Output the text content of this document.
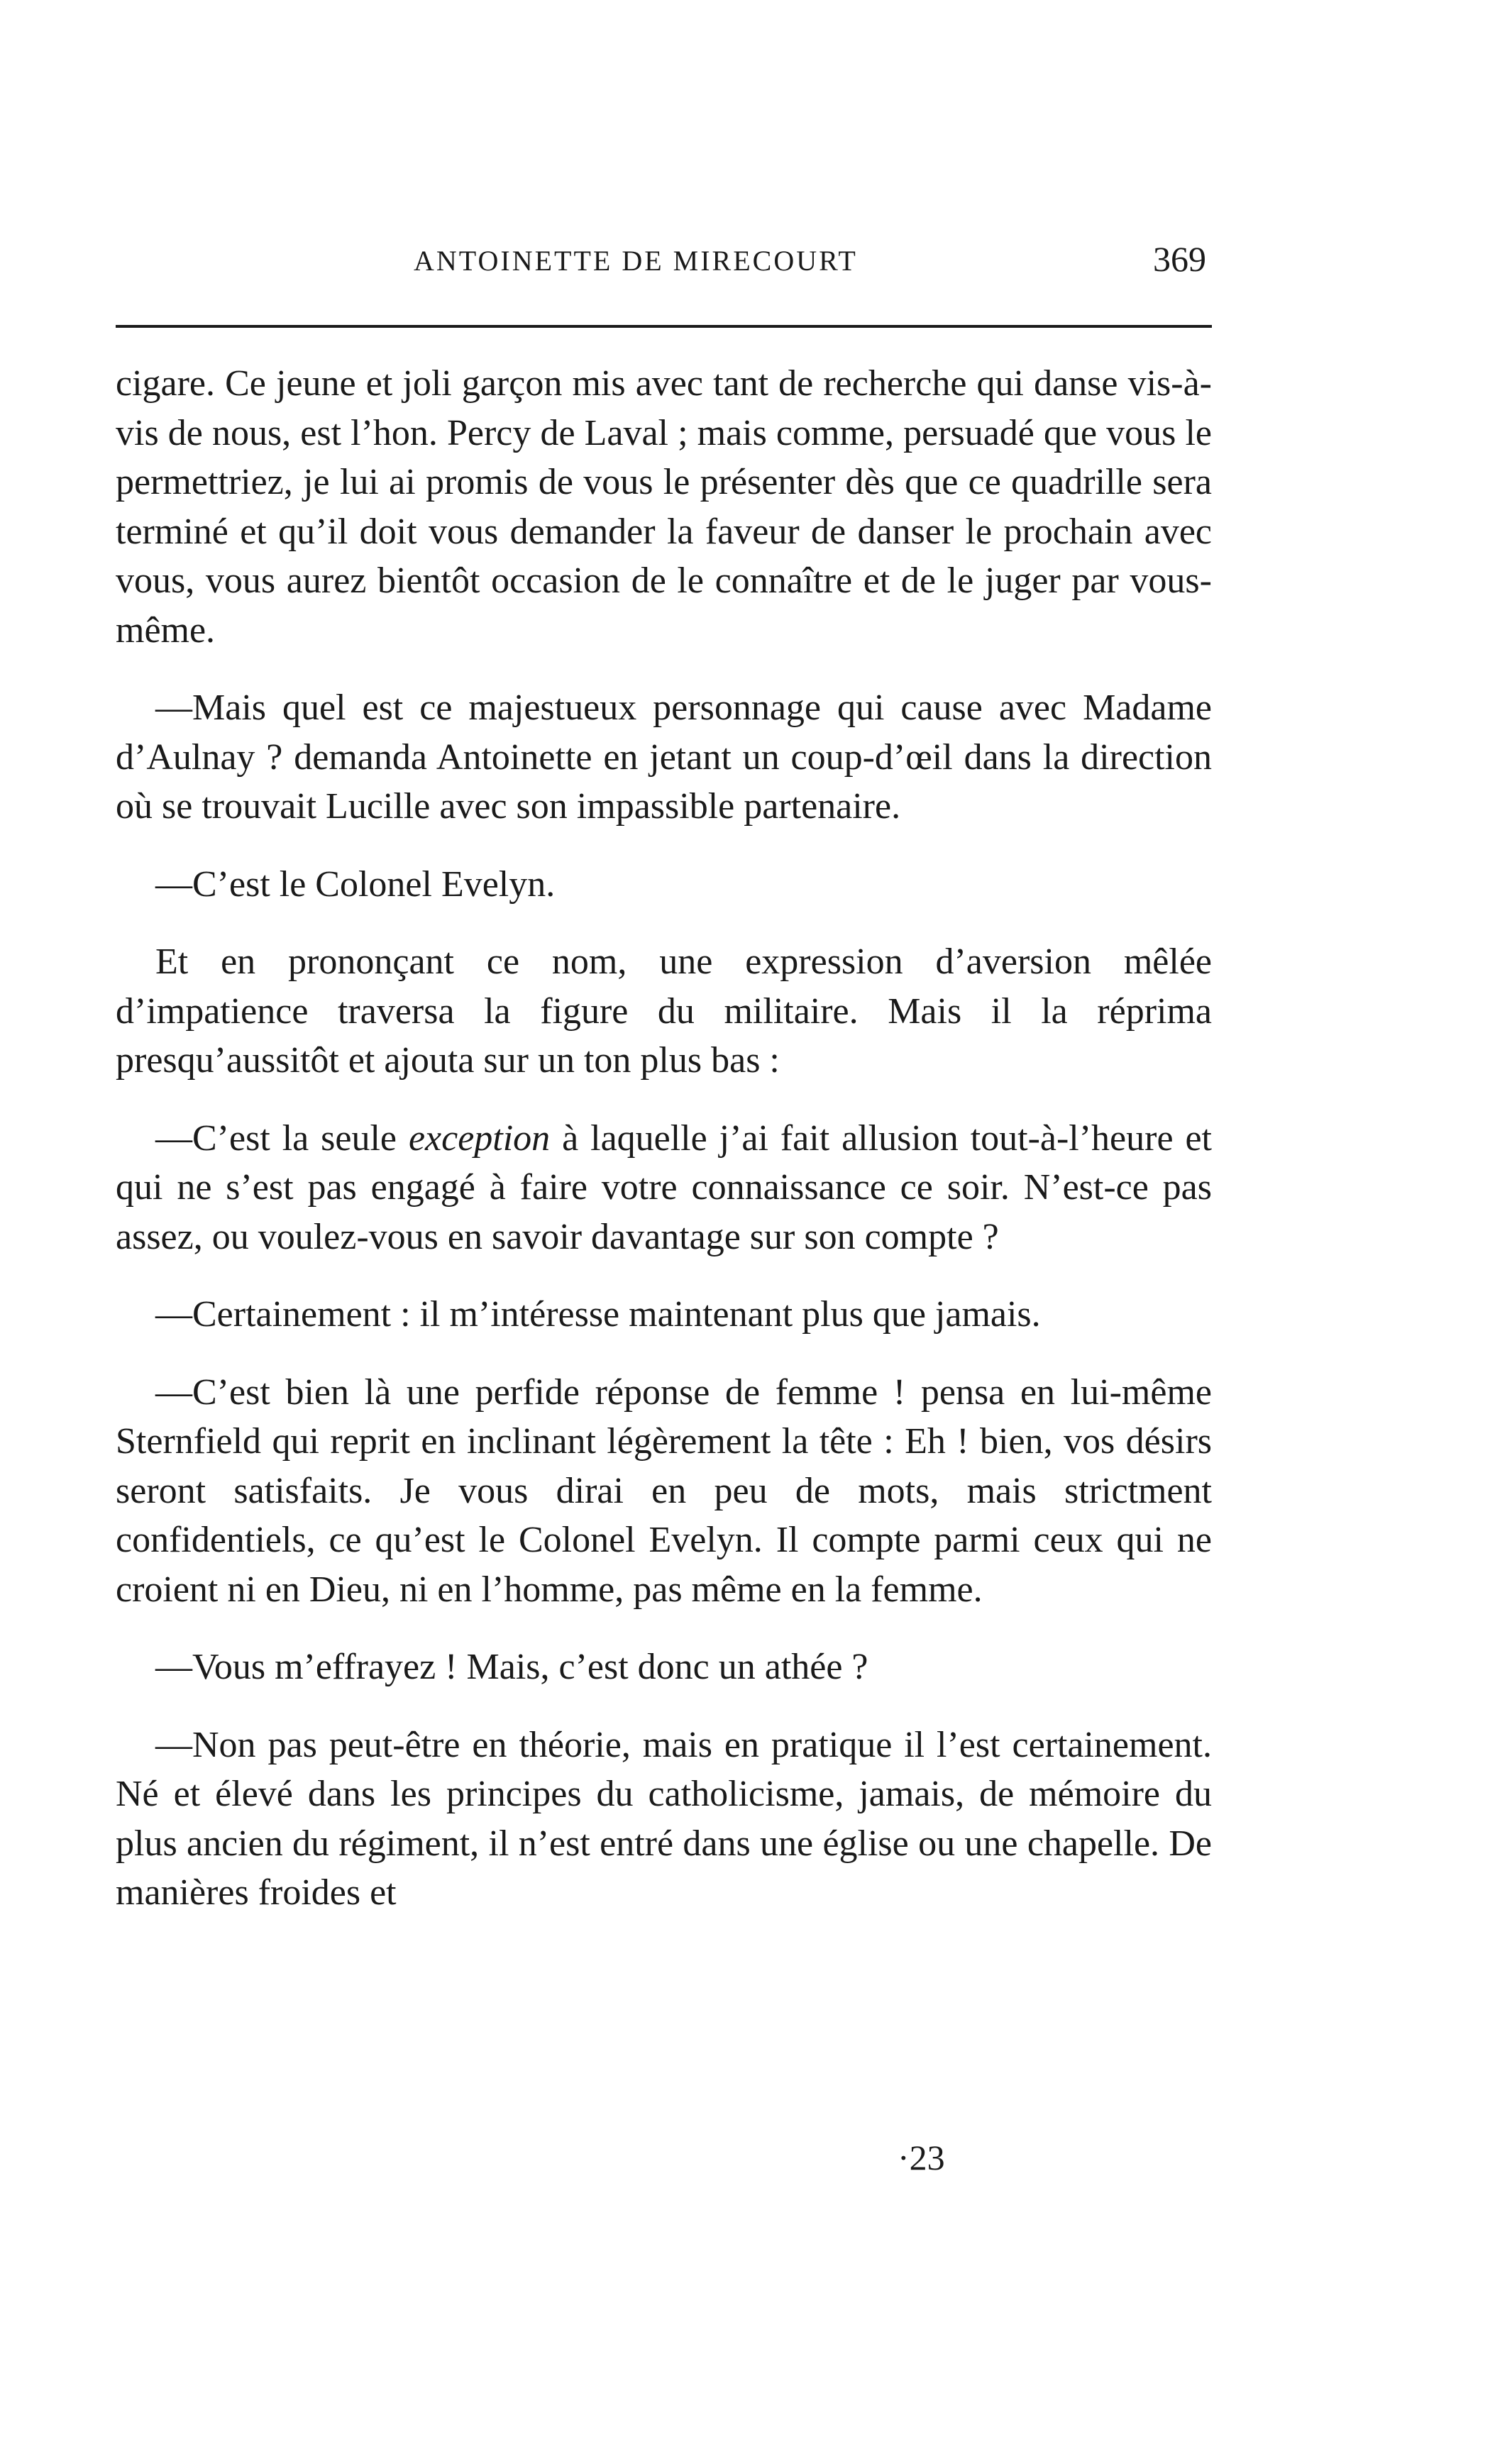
ANTOINETTE DE MIRECOURT	369

cigare. Ce jeune et joli garçon mis avec tant de recherche qui danse vis-à-vis de nous, est l’hon. Percy de Laval ; mais comme, persuadé que vous le permettriez, je lui ai promis de vous le présenter dès que ce quadrille sera terminé et qu’il doit vous demander la faveur de danser le prochain avec vous, vous aurez bientôt occasion de le connaître et de le juger par vous-même.

—Mais quel est ce majestueux personnage qui cause avec Madame d’Aulnay ? demanda Antoinette en jetant un coup-d’œil dans la direction où se trouvait Lucille avec son impassible partenaire.

—C’est le Colonel Evelyn.

Et en prononçant ce nom, une expression d’aversion mêlée d’impatience traversa la figure du militaire. Mais il la réprima presqu’aussitôt et ajouta sur un ton plus bas :

—C’est la seule exception à laquelle j’ai fait allusion tout-à-l’heure et qui ne s’est pas engagé à faire votre connaissance ce soir. N’est-ce pas assez, ou voulez-vous en savoir davantage sur son compte ?

—Certainement : il m’intéresse maintenant plus que jamais.

—C’est bien là une perfide réponse de femme ! pensa en lui-même Sternfield qui reprit en inclinant légèrement la tête : Eh ! bien, vos désirs seront satisfaits. Je vous dirai en peu de mots, mais strictment confidentiels, ce qu’est le Colonel Evelyn. Il compte parmi ceux qui ne croient ni en Dieu, ni en l’homme, pas même en la femme.

—Vous m’effrayez ! Mais, c’est donc un athée ?

—Non pas peut-être en théorie, mais en pratique il l’est certainement. Né et élevé dans les principes du catholicisme, jamais, de mémoire du plus ancien du régiment, il n’est entré dans une église ou une chapelle. De manières froides et

·23
